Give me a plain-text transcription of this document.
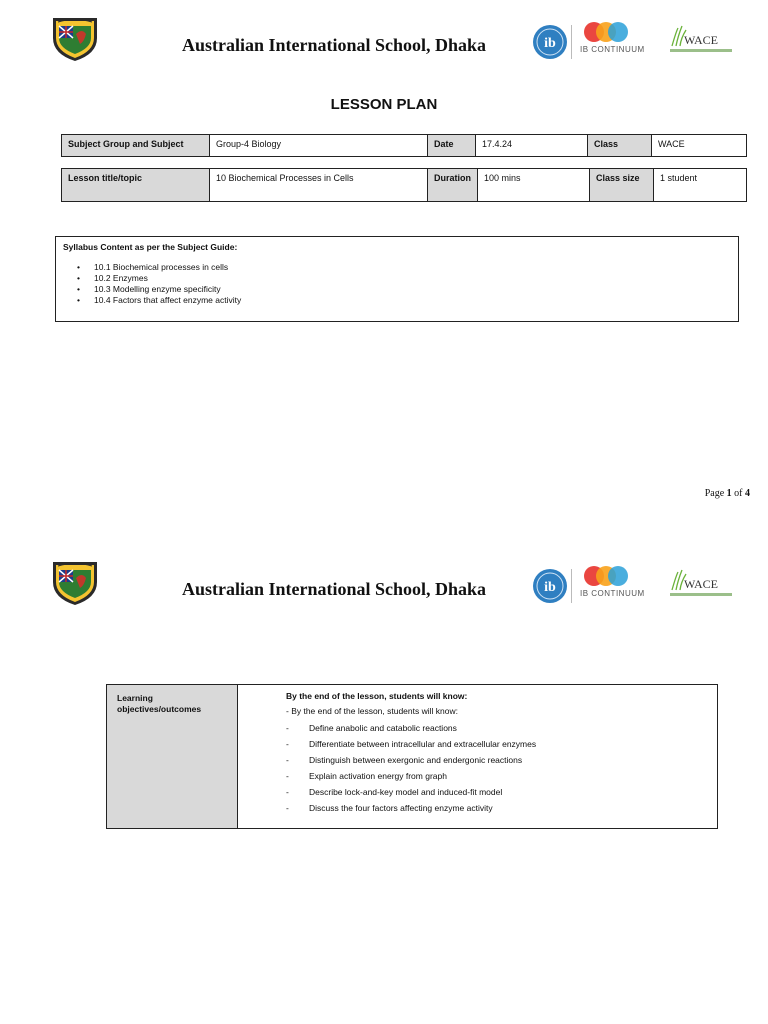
Australian International School, Dhaka	ib	IB CONTINUUM
WACE
LESSON PLAN
Subject Group and Subject	Group-4 Biology	Date	17.4.24	Class	WACE
Lesson title/topic	10 Biochemical Processes in Cells	Duration	100 mins	Class size	1 student
Syllabus Content as per the Subject Guide:
• 10.1 Biochemical processes in cells
• 10.2 Enzymes
• 10.3 Modelling enzyme specificity
• 10.4 Factors that affect enzyme activity
Page 1 of 4
Australian International School, Dhaka	ib	IB CONTINUUM
WACE
Learning objectives/outcomes
By the end of the lesson, students will know:
- By the end of the lesson, students will know:
-	Define anabolic and catabolic reactions
-	Differentiate between intracellular and extracellular enzymes
-	Distinguish between exergonic and endergonic reactions
-	Explain activation energy from graph
-	Describe lock-and-key model and induced-fit model
-	Discuss the four factors affecting enzyme activity
